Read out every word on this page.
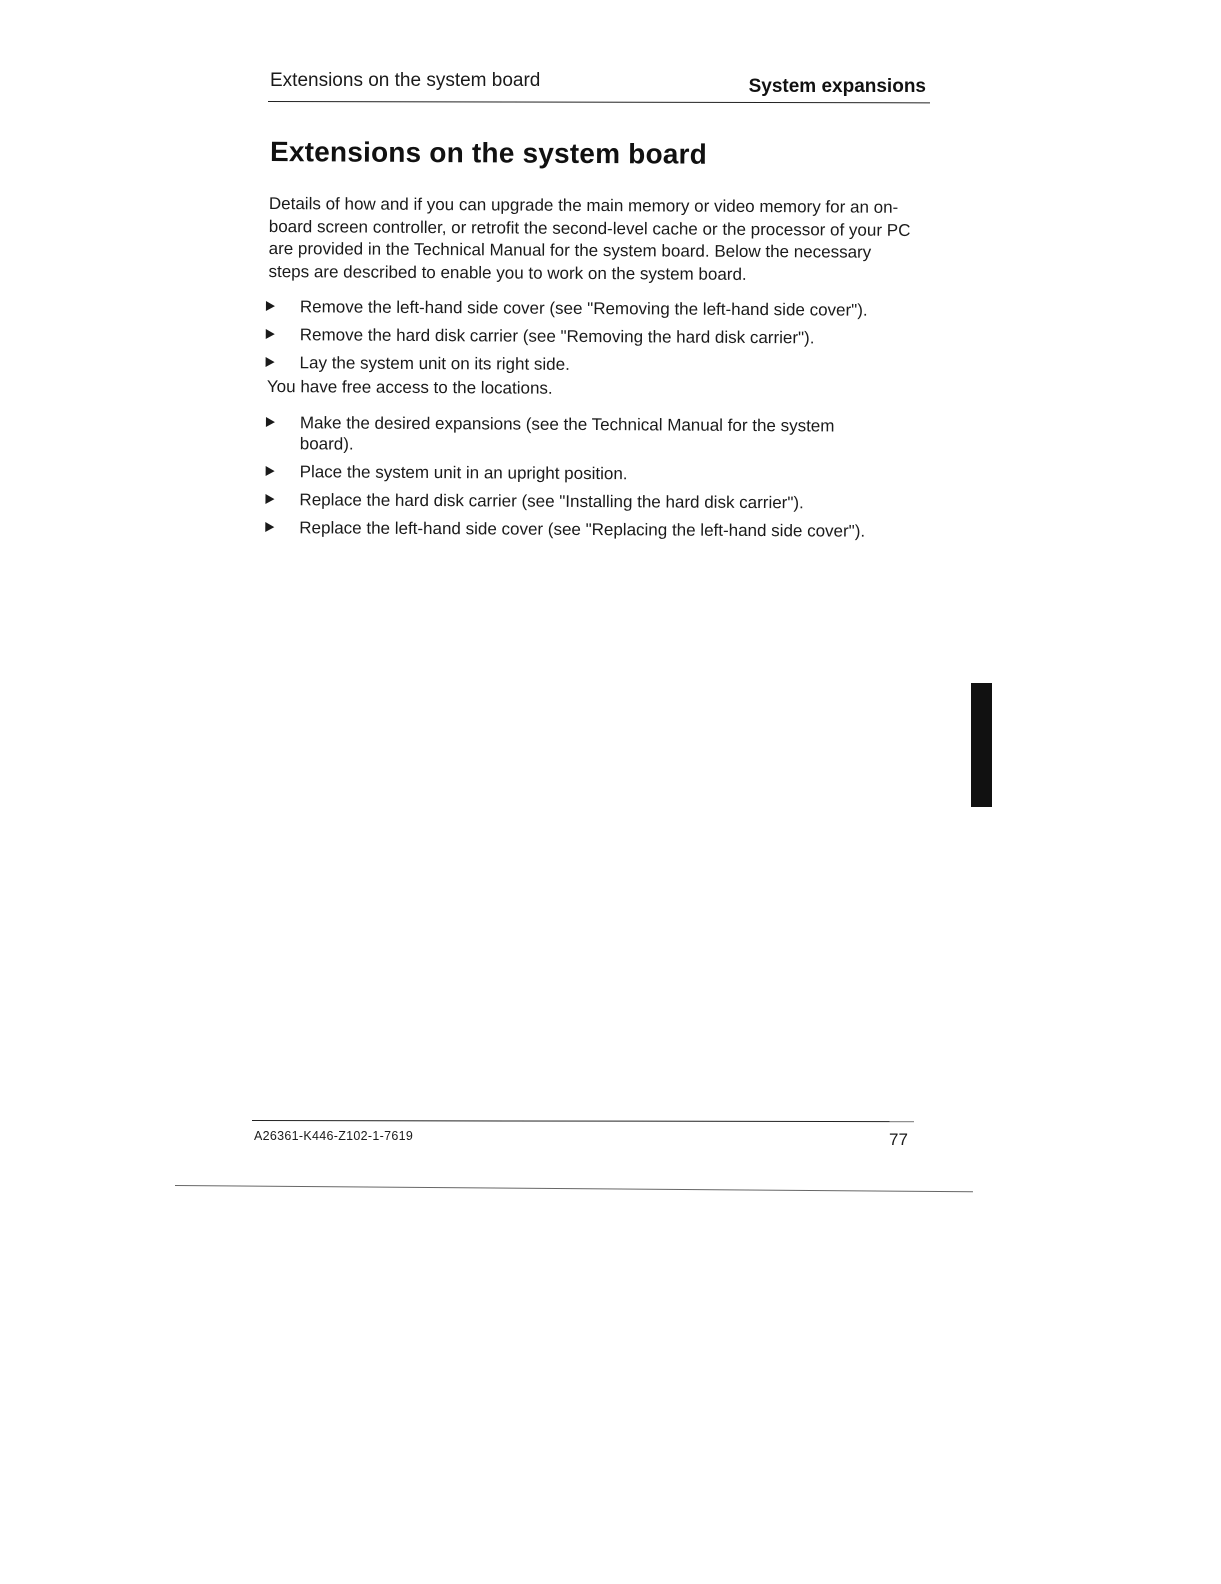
Extensions on the system board	System expansions
Extensions on the system board

Details of how and if you can upgrade the main memory or video memory for an on-board screen controller, or retrofit the second-level cache or the processor of your PC are provided in the Technical Manual for the system board. Below the necessary steps are described to enable you to work on the system board.

Remove the left-hand side cover (see "Removing the left-hand side cover").
Remove the hard disk carrier (see "Removing the hard disk carrier").
Lay the system unit on its right side.
You have free access to the locations.
Make the desired expansions (see the Technical Manual for the system board).
Place the system unit in an upright position.
Replace the hard disk carrier (see "Installing the hard disk carrier").
Replace the left-hand side cover (see "Replacing the left-hand side cover").
A26361-K446-Z102-1-7619	77
